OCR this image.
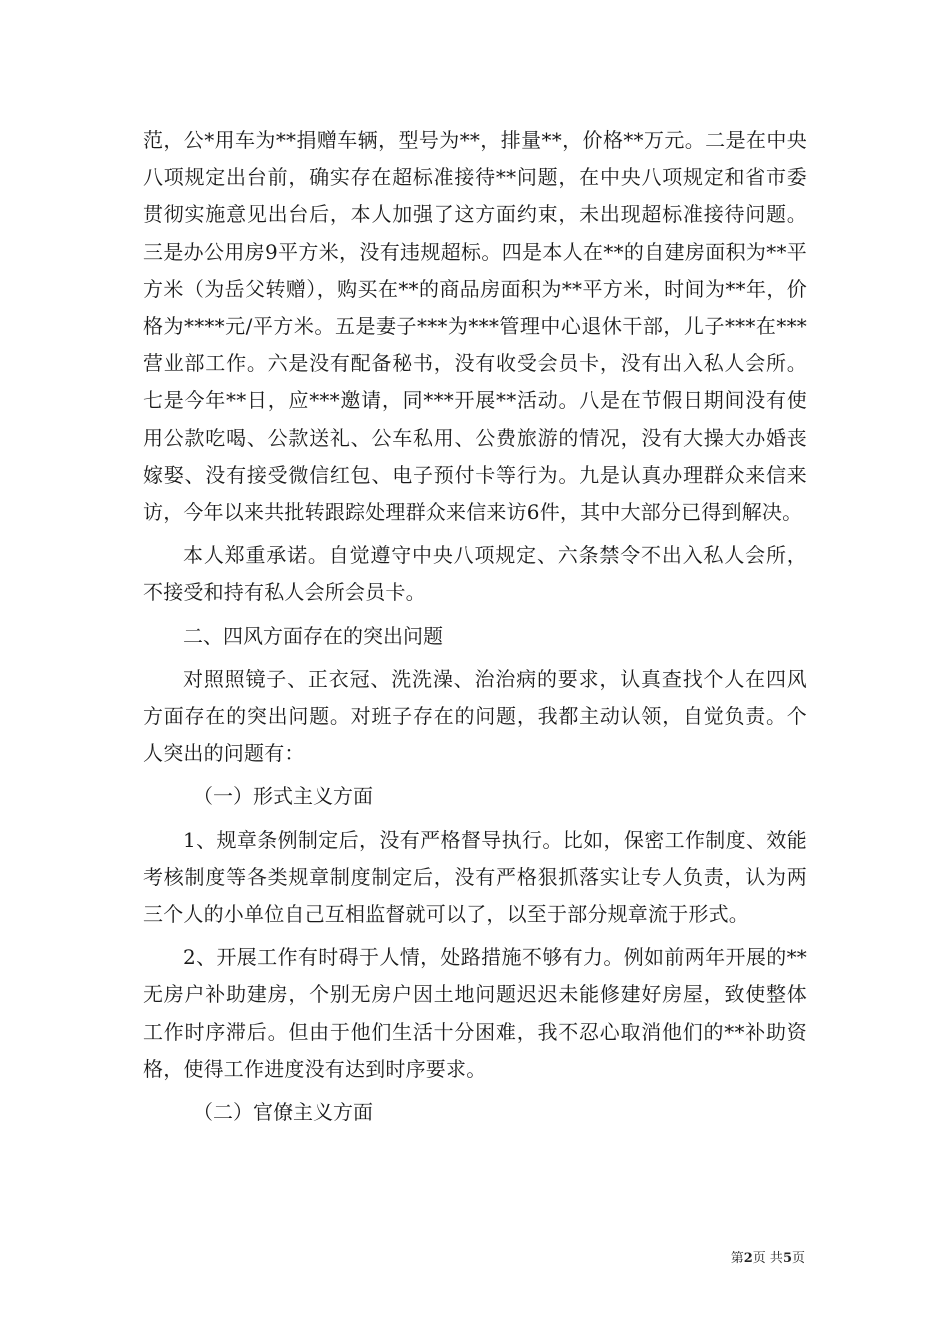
范，公*用车为**捐赠车辆，型号为**，排量**，价格**万元。二是在中央八项规定出台前，确实存在超标准接待**问题，在中央八项规定和省市委贯彻实施意见出台后，本人加强了这方面约束，未出现超标准接待问题。三是办公用房9平方米，没有违规超标。四是本人在**的自建房面积为**平方米（为岳父转赠），购买在**的商品房面积为**平方米，时间为**年，价格为****元/平方米。五是妻子***为***管理中心退休干部，儿子***在***营业部工作。六是没有配备秘书，没有收受会员卡，没有出入私人会所。七是今年**日，应***邀请，同***开展**活动。八是在节假日期间没有使用公款吃喝、公款送礼、公车私用、公费旅游的情况，没有大操大办婚丧嫁娶、没有接受微信红包、电子预付卡等行为。九是认真办理群众来信来访，今年以来共批转跟踪处理群众来信来访6件，其中大部分已得到解决。

本人郑重承诺。自觉遵守中央八项规定、六条禁令不出入私人会所，不接受和持有私人会所会员卡。

二、四风方面存在的突出问题

对照照镜子、正衣冠、洗洗澡、治治病的要求，认真查找个人在四风方面存在的突出问题。对班子存在的问题，我都主动认领，自觉负责。个人突出的问题有：

（一）形式主义方面

1、规章条例制定后，没有严格督导执行。比如，保密工作制度、效能考核制度等各类规章制度制定后，没有严格狠抓落实让专人负责，认为两三个人的小单位自己互相监督就可以了，以至于部分规章流于形式。

2、开展工作有时碍于人情，处路措施不够有力。例如前两年开展的**无房户补助建房，个别无房户因土地问题迟迟未能修建好房屋，致使整体工作时序滞后。但由于他们生活十分困难，我不忍心取消他们的**补助资格，使得工作进度没有达到时序要求。

（二）官僚主义方面

第2页 共5页
